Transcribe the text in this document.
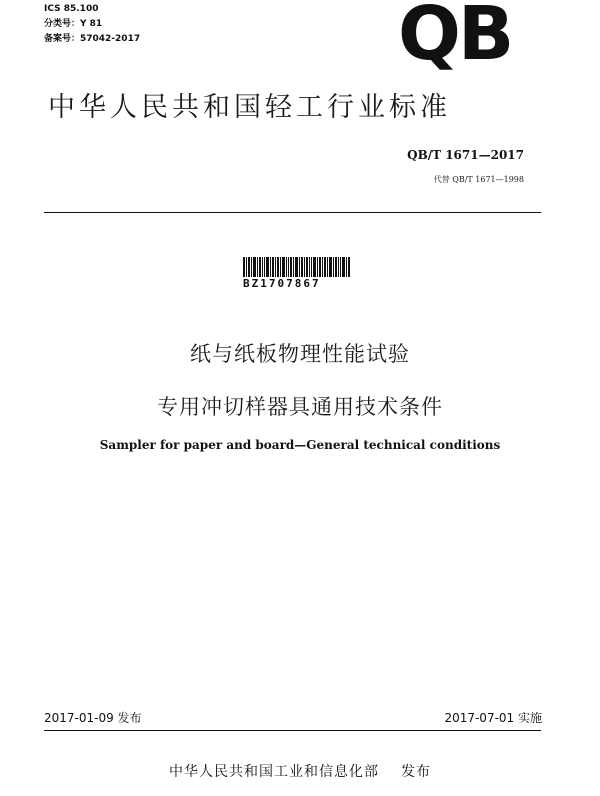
ICS 85.100
分类号：Y 81
备案号：57042-2017	QB
中华人民共和国轻工行业标准
QB/T 1671—2017
代替 QB/T 1671—1998
BZ1707867
纸与纸板物理性能试验
专用冲切样器具通用技术条件
Sampler for paper and board—General technical conditions
2017-01-09 发布	2017-07-01 实施
中华人民共和国工业和信息化部 发布
